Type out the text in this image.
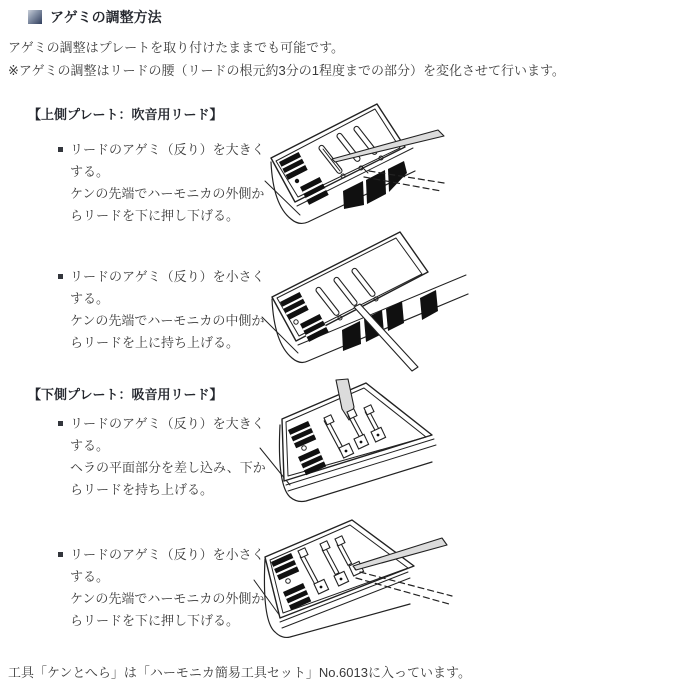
アゲミの調整方法
アゲミの調整はプレートを取り付けたままでも可能です。
※アゲミの調整はリードの腰（リードの根元約3分の1程度までの部分）を変化させて行います。
【上側プレート：吹音用リード】
リードのアゲミ（反り）を大きく
する。
ケンの先端でハーモニカの外側か
らリードを下に押し下げる。
リードのアゲミ（反り）を小さく
する。
ケンの先端でハーモニカの中側か
らリードを上に持ち上げる。
【下側プレート：吸音用リード】
リードのアゲミ（反り）を大きく
する。
ヘラの平面部分を差し込み、下か
らリードを持ち上げる。
リードのアゲミ（反り）を小さく
する。
ケンの先端でハーモニカの外側か
らリードを下に押し下げる。
工具「ケンとへら」は「ハーモニカ簡易工具セット」No.6013に入っています。
